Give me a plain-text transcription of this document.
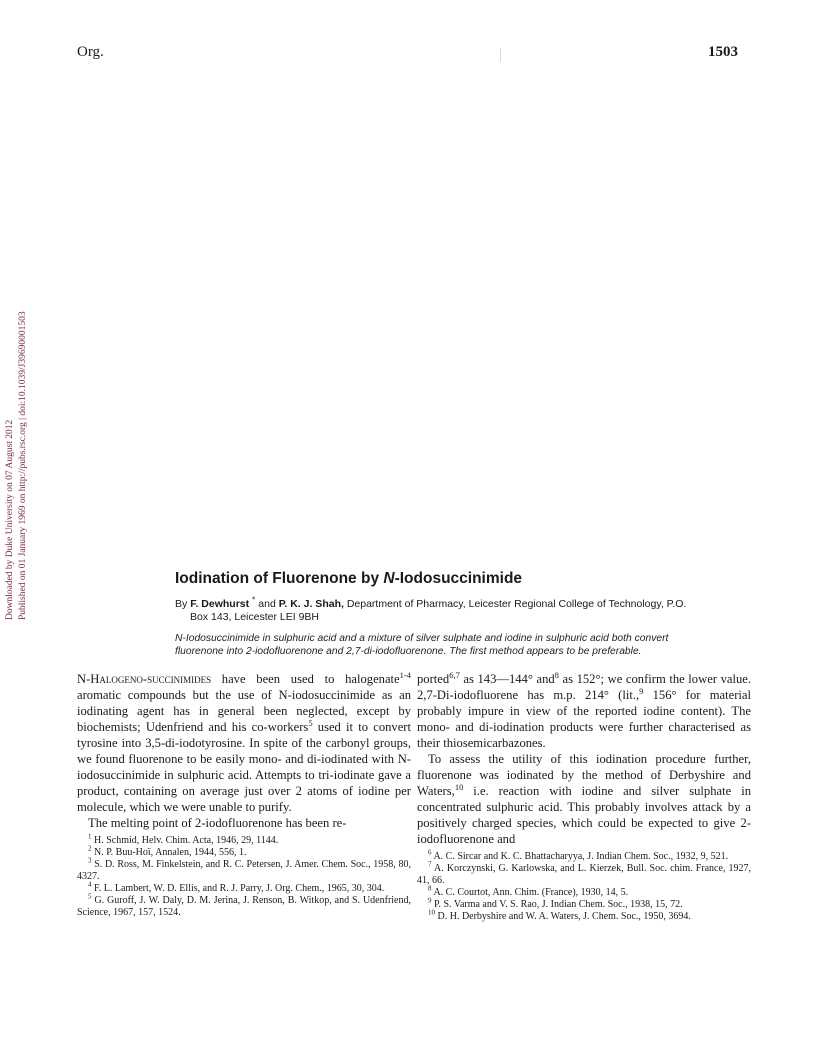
Org.	1503
Downloaded by Duke University on 07 August 2012 Published on 01 January 1969 on http://pubs.rsc.org | doi:10.1039/J39690001503	Iodination of Fluorenone by N-Iodosuccinimide
By F. Dewhurst * and P. K. J. Shah, Department of Pharmacy, Leicester Regional College of Technology, P.O.
Box 143, Leicester LEI 9BH
N-Iodosuccinimide in sulphuric acid and a mixture of silver sulphate and iodine in sulphuric acid both convert
fluorenone into 2-iodofluorenone and 2,7-di-iodofluorenone. The first method appears to be preferable.

N-Halogeno-succinimides have been used to halogenate$^{1-4}$ aromatic compounds but the use of N-iodosuccinimide as an iodinating agent has in general been neglected, except by biochemists; Udenfriend and his co-workers$^5$ used it to convert tyrosine into 3,5-di-iodotyrosine. In spite of the carbonyl groups, we found fluorenone to be easily mono- and di-iodinated with N-iodosuccinimide in sulphuric acid. Attempts to tri-iodinate gave a product, containing on average just over 2 atoms of iodine per molecule, which we were unable to purify.

The melting point of 2-iodofluorenone has been re-

$^1$ H. Schmid, Helv. Chim. Acta, 1946, 29, 1144.
$^2$ N. P. Buu-Hoï, Annalen, 1944, 556, 1.
$^3$ S. D. Ross, M. Finkelstein, and R. C. Petersen, J. Amer. Chem. Soc., 1958, 80, 4327.
$^4$ F. L. Lambert, W. D. Ellis, and R. J. Parry, J. Org. Chem., 1965, 30, 304.
$^5$ G. Guroff, J. W. Daly, D. M. Jerina, J. Renson, B. Witkop, and S. Udenfriend, Science, 1967, 157, 1524.

ported$^{6,7}$ as 143—144° and$^8$ as 152°; we confirm the lower value. 2,7-Di-iodofluorene has m.p. 214° (lit.,$^9$ 156° for material probably impure in view of the reported iodine content). The mono- and di-iodination products were further characterised as their thiosemicarbazones.

To assess the utility of this iodination procedure further, fluorenone was iodinated by the method of Derbyshire and Waters,$^{10}$ i.e. reaction with iodine and silver sulphate in concentrated sulphuric acid. This probably involves attack by a positively charged species, which could be expected to give 2-iodofluorenone and

$^6$ A. C. Sircar and K. C. Bhattacharyya, J. Indian Chem. Soc., 1932, 9, 521.
$^7$ A. Korczynski, G. Karlowska, and L. Kierzek, Bull. Soc. chim. France, 1927, 41, 66.
$^8$ A. C. Courtot, Ann. Chim. (France), 1930, 14, 5.
$^9$ P. S. Varma and V. S. Rao, J. Indian Chem. Soc., 1938, 15, 72.
$^{10}$ D. H. Derbyshire and W. A. Waters, J. Chem. Soc., 1950, 3694.
